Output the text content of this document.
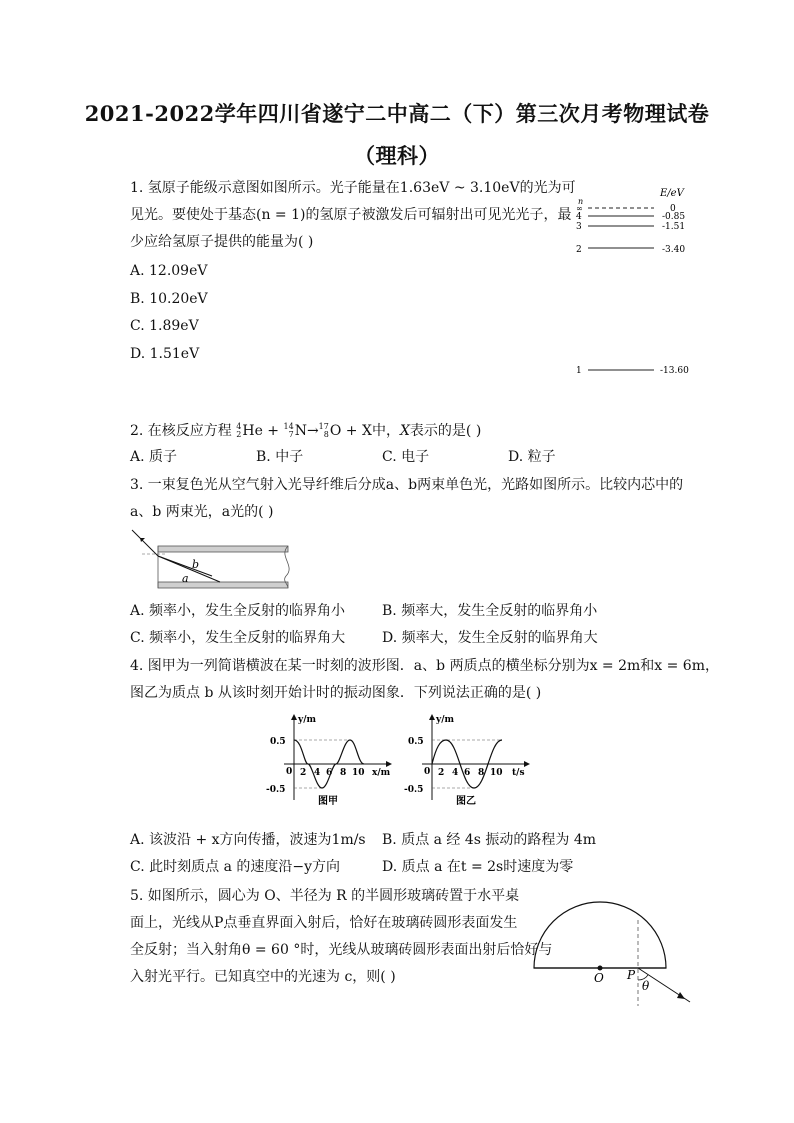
2021-2022学年四川省遂宁二中高二（下）第三次月考物理试卷
（理科）
1. 氢原子能级示意图如图所示。光子能量在1.63eV ~ 3.10eV的光为可
见光。要使处于基态(n = 1)的氢原子被激发后可辐射出可见光光子，最
少应给氢原子提供的能量为( )
A. 12.09eV
B. 10.20eV
C. 1.89eV
D. 1.51eV
E/eV
n
∞	0
4	-0.85
3	-1.51
2	-3.40
1	-13.60
2. 在核反应方程 4
2He + 14
7N→17
8O + X中，X表示的是( )
A. 质子	B. 中子	C. 电子	D. 粒子
3. 一束复色光从空气射入光导纤维后分成a、b两束单色光，光路如图所示。比较内芯中的
a、b 两束光，a光的( )
b
a
A. 频率小，发生全反射的临界角小	B. 频率大，发生全反射的临界角小
C. 频率小，发生全反射的临界角大	D. 频率大，发生全反射的临界角大
4. 图甲为一列简谐横波在某一时刻的波形图．a、b 两质点的横坐标分别为x = 2m和x = 6m，
图乙为质点 b 从该时刻开始计时的振动图象．下列说法正确的是( )
y/m
x/m
0.5
-0.5
0 2 4 6 8 10
图甲
y/m
t/s
0.5
-0.5
0 2 4 6 8 10
图乙
A. 该波沿 + x方向传播，波速为1m/s B. 质点 a 经 4s 振动的路程为 4m
C. 此时刻质点 a 的速度沿−y方向	D. 质点 a 在t = 2s时速度为零
5. 如图所示，圆心为 O、半径为 R 的半圆形玻璃砖置于水平桌
面上，光线从P点垂直界面入射后，恰好在玻璃砖圆形表面发生
全反射；当入射角θ = 60 °时，光线从玻璃砖圆形表面出射后恰好与
入射光平行。已知真空中的光速为 c，则( )	O P
θ
